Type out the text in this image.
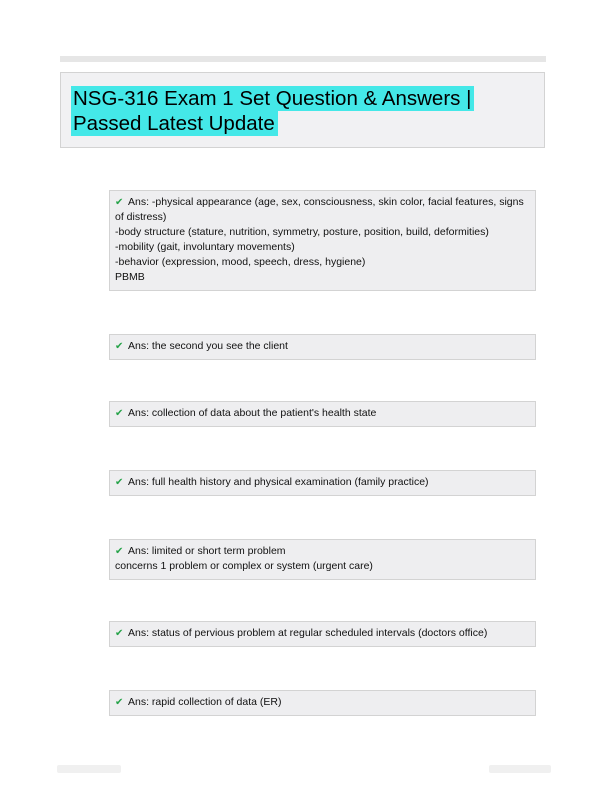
NSG-316 Exam 1 Set Question & Answers |
Passed Latest Update
✔ Ans: -physical appearance (age, sex, consciousness, skin color, facial features, signs
of distress)
-body structure (stature, nutrition, symmetry, posture, position, build, deformities)
-mobility (gait, involuntary movements)
-behavior (expression, mood, speech, dress, hygiene)
PBMB
✔ Ans: the second you see the client
✔ Ans: collection of data about the patient's health state
✔ Ans: full health history and physical examination (family practice)
✔ Ans: limited or short term problem
concerns 1 problem or complex or system (urgent care)
✔ Ans: status of pervious problem at regular scheduled intervals (doctors office)
✔ Ans: rapid collection of data (ER)
